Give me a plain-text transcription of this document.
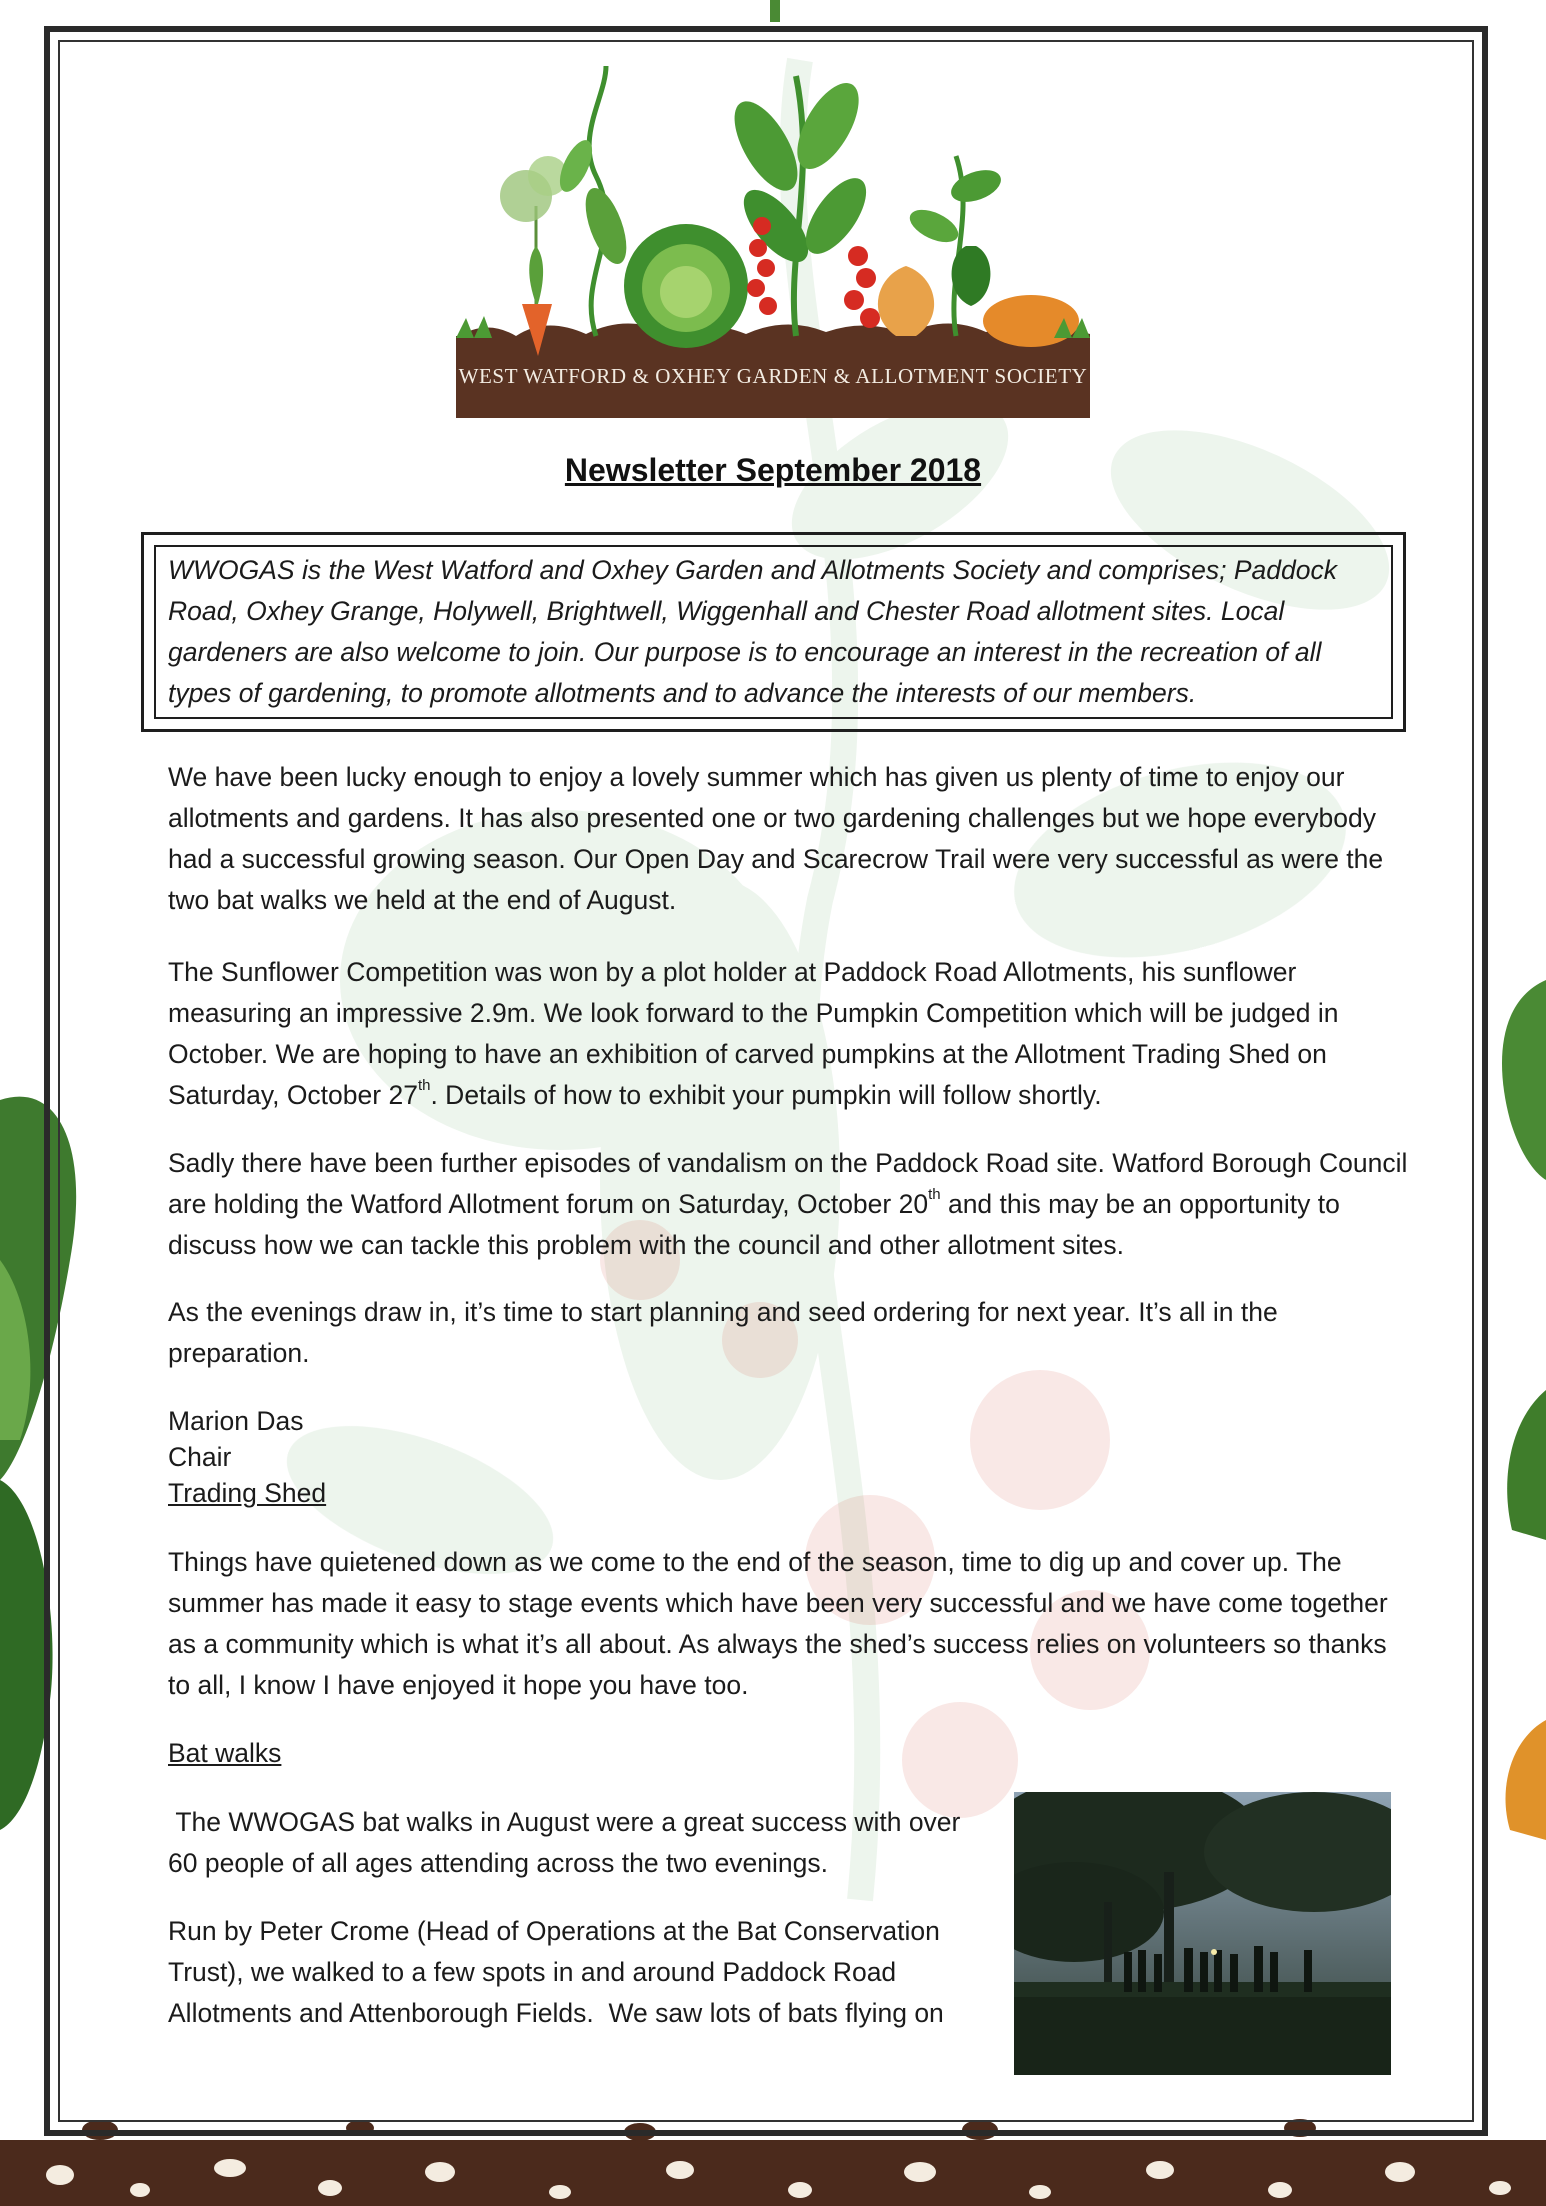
WEST WATFORD & OXHEY GARDEN & ALLOTMENT SOCIETY
Newsletter September 2018

WWOGAS is the West Watford and Oxhey Garden and Allotments Society and comprises; Paddock Road, Oxhey Grange, Holywell, Brightwell, Wiggenhall and Chester Road allotment sites. Local gardeners are also welcome to join. Our purpose is to encourage an interest in the recreation of all types of gardening, to promote allotments and to advance the interests of our members.

We have been lucky enough to enjoy a lovely summer which has given us plenty of time to enjoy our allotments and gardens. It has also presented one or two gardening challenges but we hope everybody had a successful growing season. Our Open Day and Scarecrow Trail were very successful as were the two bat walks we held at the end of August.

The Sunflower Competition was won by a plot holder at Paddock Road Allotments, his sunflower measuring an impressive 2.9m. We look forward to the Pumpkin Competition which will be judged in October. We are hoping to have an exhibition of carved pumpkins at the Allotment Trading Shed on Saturday, October 27th. Details of how to exhibit your pumpkin will follow shortly.

Sadly there have been further episodes of vandalism on the Paddock Road site. Watford Borough Council are holding the Watford Allotment forum on Saturday, October 20th and this may be an opportunity to discuss how we can tackle this problem with the council and other allotment sites.

As the evenings draw in, it’s time to start planning and seed ordering for next year. It’s all in the preparation.

Marion Das

Chair

Trading Shed

Things have quietened down as we come to the end of the season, time to dig up and cover up. The summer has made it easy to stage events which have been very successful and we have come together as a community which is what it’s all about. As always the shed’s success relies on volunteers so thanks to all, I know I have enjoyed it hope you have too.

Bat walks

The WWOGAS bat walks in August were a great success with over 60 people of all ages attending across the two evenings.

Run by Peter Crome (Head of Operations at the Bat Conservation Trust), we walked to a few spots in and around Paddock Road Allotments and Attenborough Fields.  We saw lots of bats flying on
